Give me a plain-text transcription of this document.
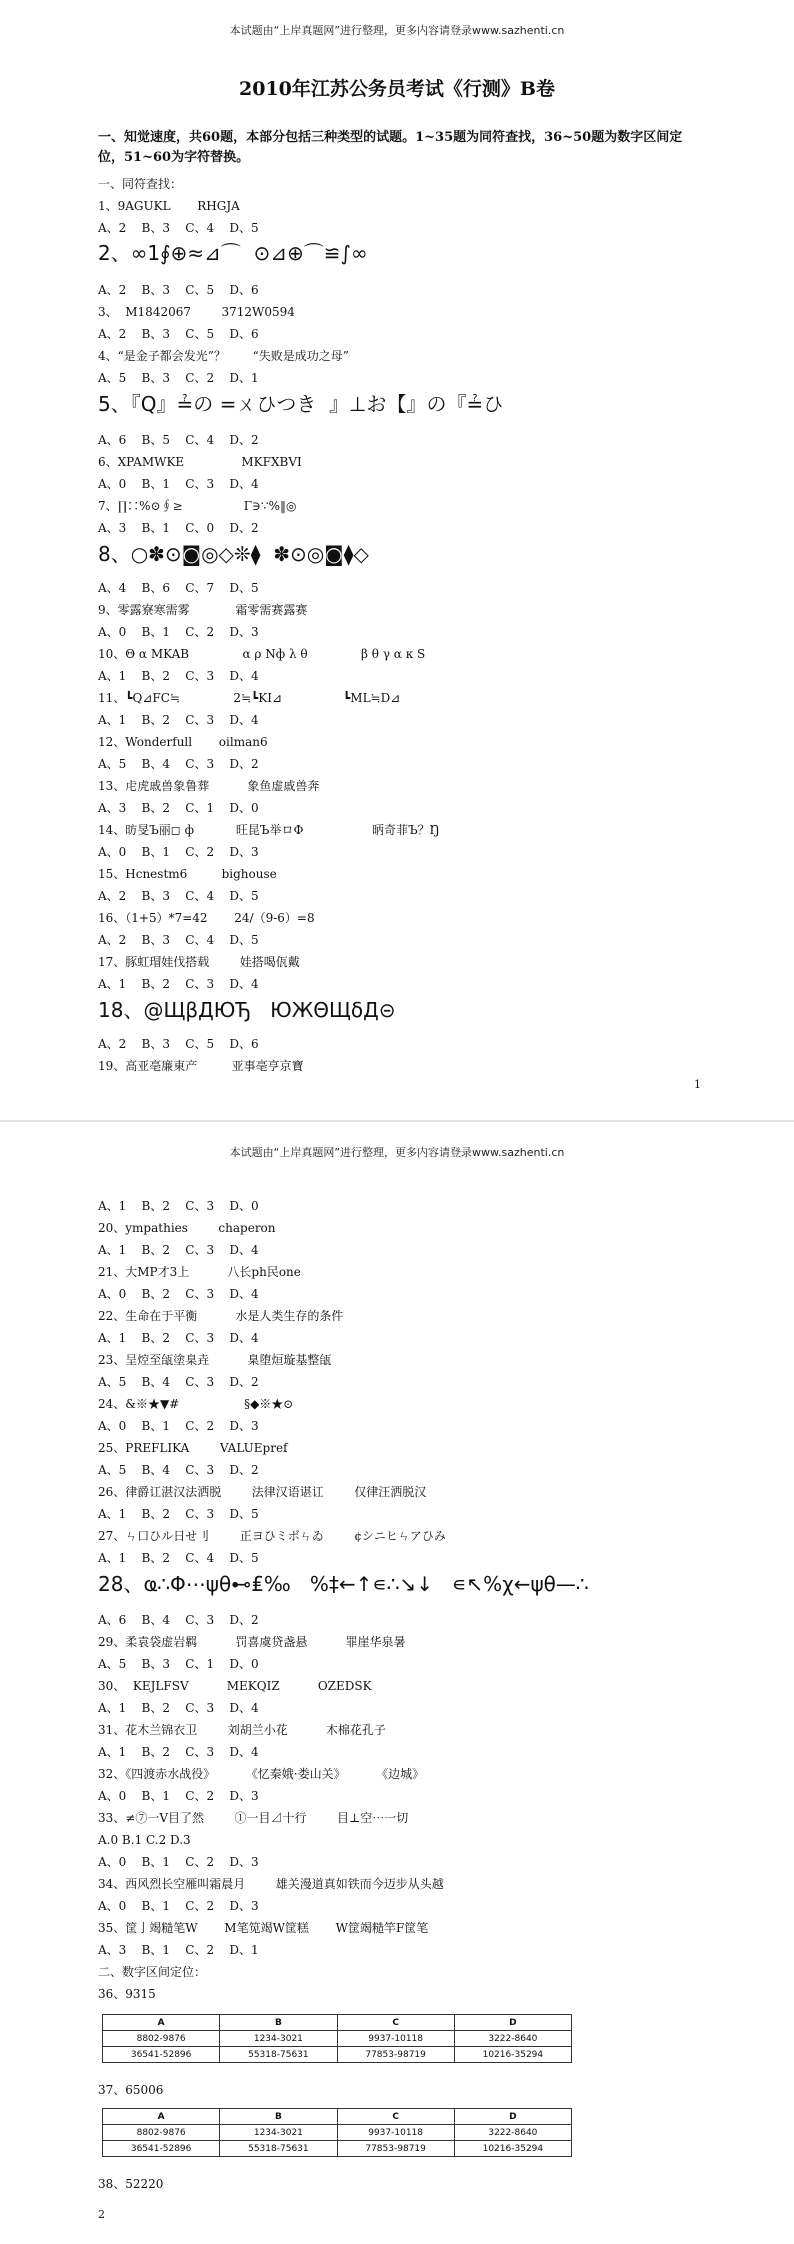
本试题由“上岸真题网”进行整理，更多内容请登录www.sazhenti.cn
2010年江苏公务员考试《行测》B卷
一、知觉速度，共60题，本部分包括三种类型的试题。1~35题为同符查找，36~50题为数字区间定位，51~60为字符替换。
一、同符查找：
1、9AGUKL       RHGJA
A、2    B、3    C、4    D、5
2、∞1∮⊕≈⊿⌒  ⊙⊿⊕⌒≌∫∞
A、2    B、3    C、5    D、6
3、  M1842067        3712W0594
A、2    B、3    C、5    D、6
4、“是金子都会发光”？       “失败是成功之母”
A、5    B、3    C、2    D、1
5、『Q』≟の =ㄨひつき  』⊥お【』の『≟ひ
A、6    B、5    C、4    D、2
6、XPAMWKE               MKFXBVI
A、0    B、1    C、3    D、4
7、∏∷%⊙∮≥                Γ∋∵%‖◎
A、3    B、1    C、0    D、2
8、○✽⊙◙◎◇❊⧫  ✽⊙◎◙⧫◇
A、4    B、6    C、7    D、5
9、零露寮寒需雾            霜零需赛露赛
A、0    B、1    C、2    D、3
10、Θ α MKAB              α ρ Nф λ θ              β θ γ α κ S
A、1    B、2    C、3    D、4
11、┗Q⊿FC≒              2≒┗KI⊿                ┗ML≒D⊿
A、1    B、2    C、3    D、4
12、Wonderfull       oilman6
A、5    B、4    C、3    D、2
13、虍虎戚兽象鲁葬          象鱼虚戚兽奔
A、3    B、2    C、1    D、0
14、昉旻Ъ丽◻ ф           旺昆Ъ举ロФ                  昞奇菲Ъ？Ŋ
A、0    B、1    C、2    D、3
15、Hcnestm6         bighouse
A、2    B、3    C、4    D、5
16、（1+5）*7=42       24/（9-6）=8
A、2    B、3    C、4    D、5
17、豚虹瑁娃伐搭载        娃搭喝佤戴
A、1    B、2    C、3    D、4
18、@ЩβДЮЂ   ЮЖΘЩδД⊝
A、2    B、3    C、5    D、6
19、高亚亳廉東产         亚事亳亨京寶
1
本试题由“上岸真题网”进行整理，更多内容请登录www.sazhenti.cn
A、1    B、2    C、3    D、0
20、ympathies        chaperon
A、1    B、2    C、3    D、4
21、大MP才3上          八长ph民one
A、0    B、2    C、3    D、4
22、生命在于平衡          水是人类生存的条件
A、1    B、2    C、3    D、4
23、呈焢至瓵塗臬垚          臬堕烜璇基整瓵
A、5    B、4    C、3    D、2
24、&※★▼#                 §◆※★⊙
A、0    B、1    C、2    D、3
25、PREFLIKA        VALUEpref
A、5    B、4    C、3    D、2
26、律爵讧湛汉法洒脱        法律汉语谌讧        仅律汪洒脱汉
A、1    B、2    C、3    D、5
27、ㄣ口ひル日せ刂        正ヨひミボㄣゐ        ¢シニヒㄣアひみ
A、1    B、2    C、4    D、5
28、ҩ∴Φ⋯ψθ⊷₤‰   %‡←↑∊∴↘↓   ∊↖%χ←ψθ—∴
A、6    B、4    C、3    D、2
29、柔袁袋虚岩羁          罚喜虞贷盏悬          罪崖华泉暑
A、5    B、3    C、1    D、0
30、  KEJLFSV          MEKQIZ          OZEDSK
A、1    B、2    C、3    D、4
31、花木兰锦衣卫        刘胡兰小花          木棉花孔子
A、1    B、2    C、3    D、4
32、《四渡赤水战役》        《忆秦娥·娄山关》        《边城》
A、0    B、1    C、2    D、3
33、≠⑦一Ⅴ目了然        ①一目⊿十行        目⊥空⋯一切
A.0 B.1 C.2 D.3
A、0    B、1    C、2    D、3
34、西风烈长空雁叫霜晨月        雄关漫道真如铁而今迈步从头越
A、0    B、1    C、2    D、3
35、筐亅竭糙笔W       M笔笕竭W筐糕       W筐竭糙竿F筐笔
A、3    B、1    C、2    D、1
二、数字区间定位：
36、9315
A	B	C	D
8802-9876	1234-3021	9937-10118	3222-8640
36541-52896	55318-75631	77853-98719	10216-35294
37、65006
A	B	C	D
8802-9876	1234-3021	9937-10118	3222-8640
36541-52896	55318-75631	77853-98719	10216-35294
38、52220
2
